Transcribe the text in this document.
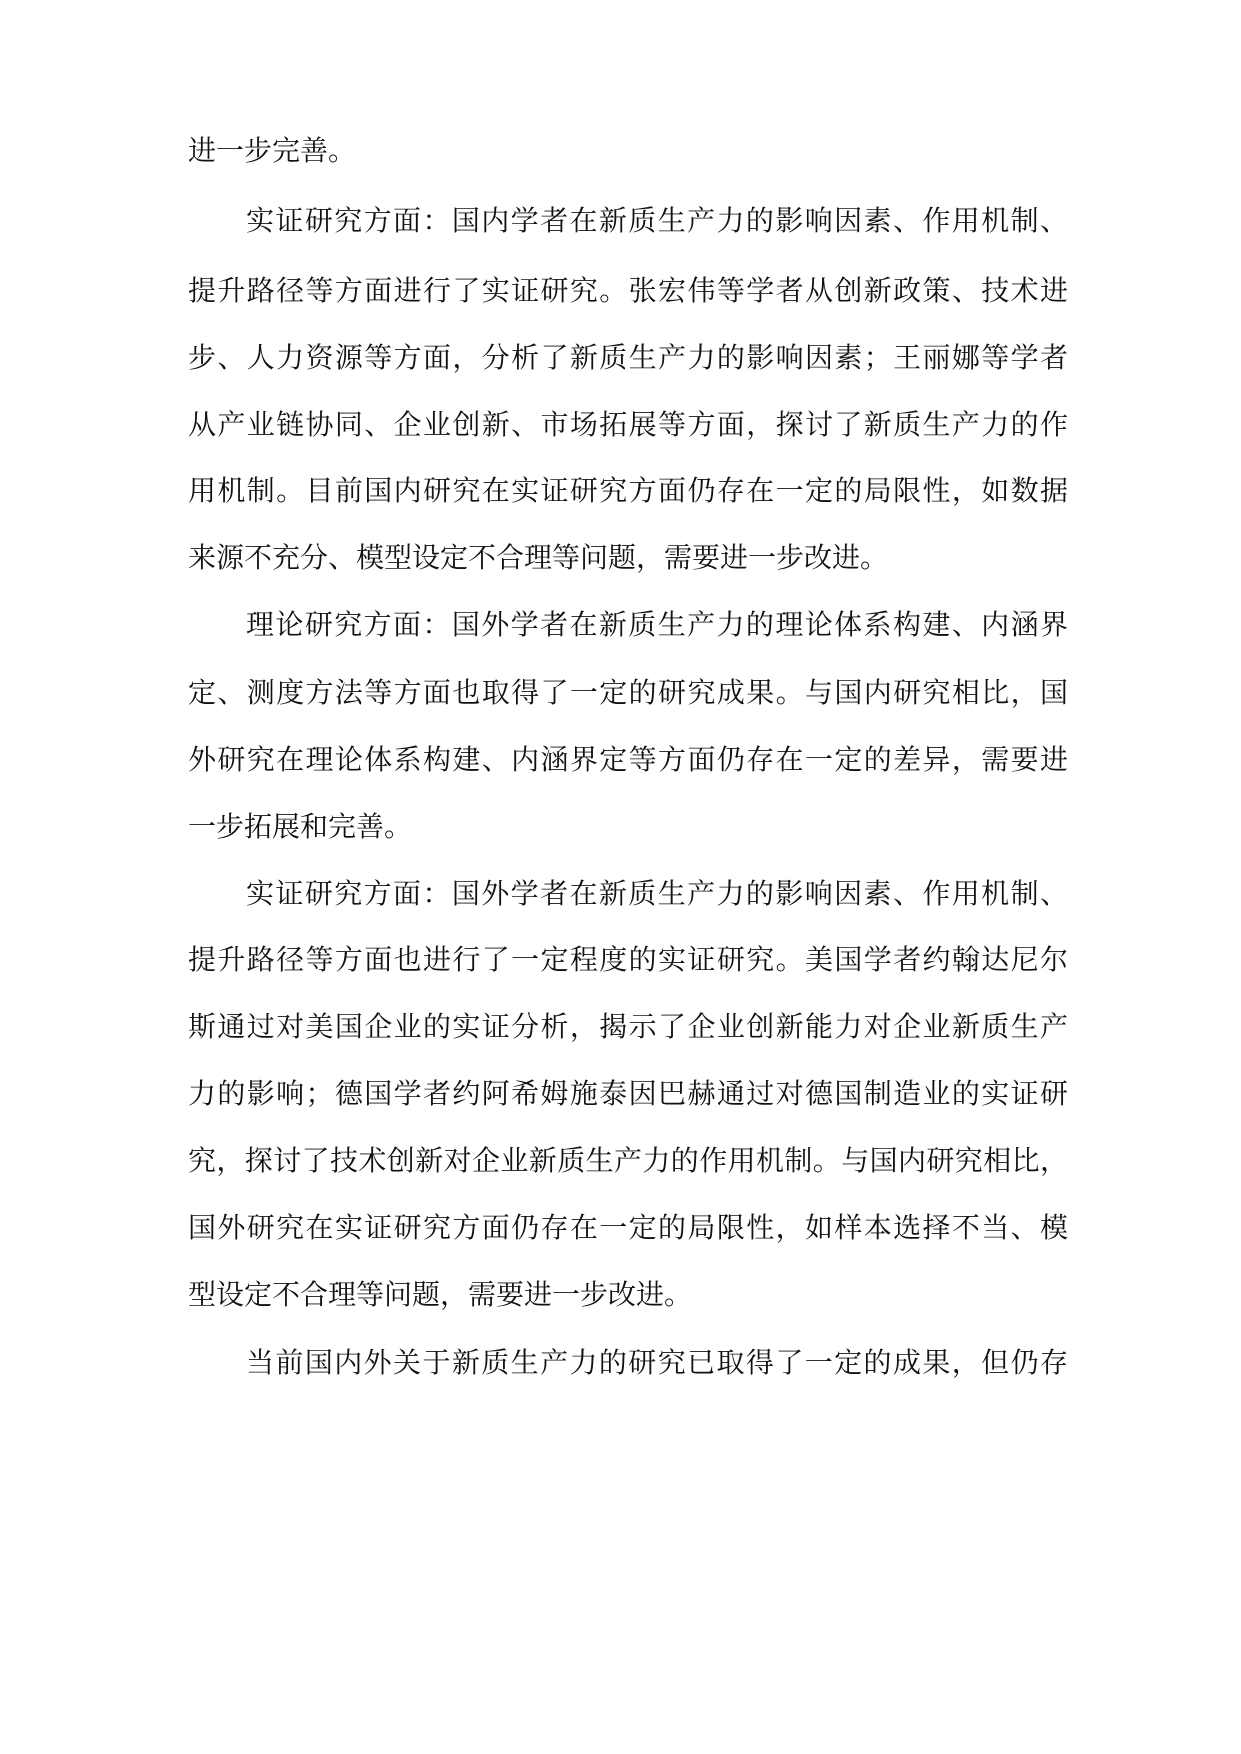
进一步完善。

实证研究方面：国内学者在新质生产力的影响因素、作用机制、

提升路径等方面进行了实证研究。张宏伟等学者从创新政策、技术进

步、人力资源等方面，分析了新质生产力的影响因素；王丽娜等学者

从产业链协同、企业创新、市场拓展等方面，探讨了新质生产力的作

用机制。目前国内研究在实证研究方面仍存在一定的局限性，如数据

来源不充分、模型设定不合理等问题，需要进一步改进。

理论研究方面：国外学者在新质生产力的理论体系构建、内涵界

定、测度方法等方面也取得了一定的研究成果。与国内研究相比，国

外研究在理论体系构建、内涵界定等方面仍存在一定的差异，需要进

一步拓展和完善。

实证研究方面：国外学者在新质生产力的影响因素、作用机制、

提升路径等方面也进行了一定程度的实证研究。美国学者约翰达尼尔

斯通过对美国企业的实证分析，揭示了企业创新能力对企业新质生产

力的影响；德国学者约阿希姆施泰因巴赫通过对德国制造业的实证研

究，探讨了技术创新对企业新质生产力的作用机制。与国内研究相比，

国外研究在实证研究方面仍存在一定的局限性，如样本选择不当、模

型设定不合理等问题，需要进一步改进。

当前国内外关于新质生产力的研究已取得了一定的成果，但仍存
